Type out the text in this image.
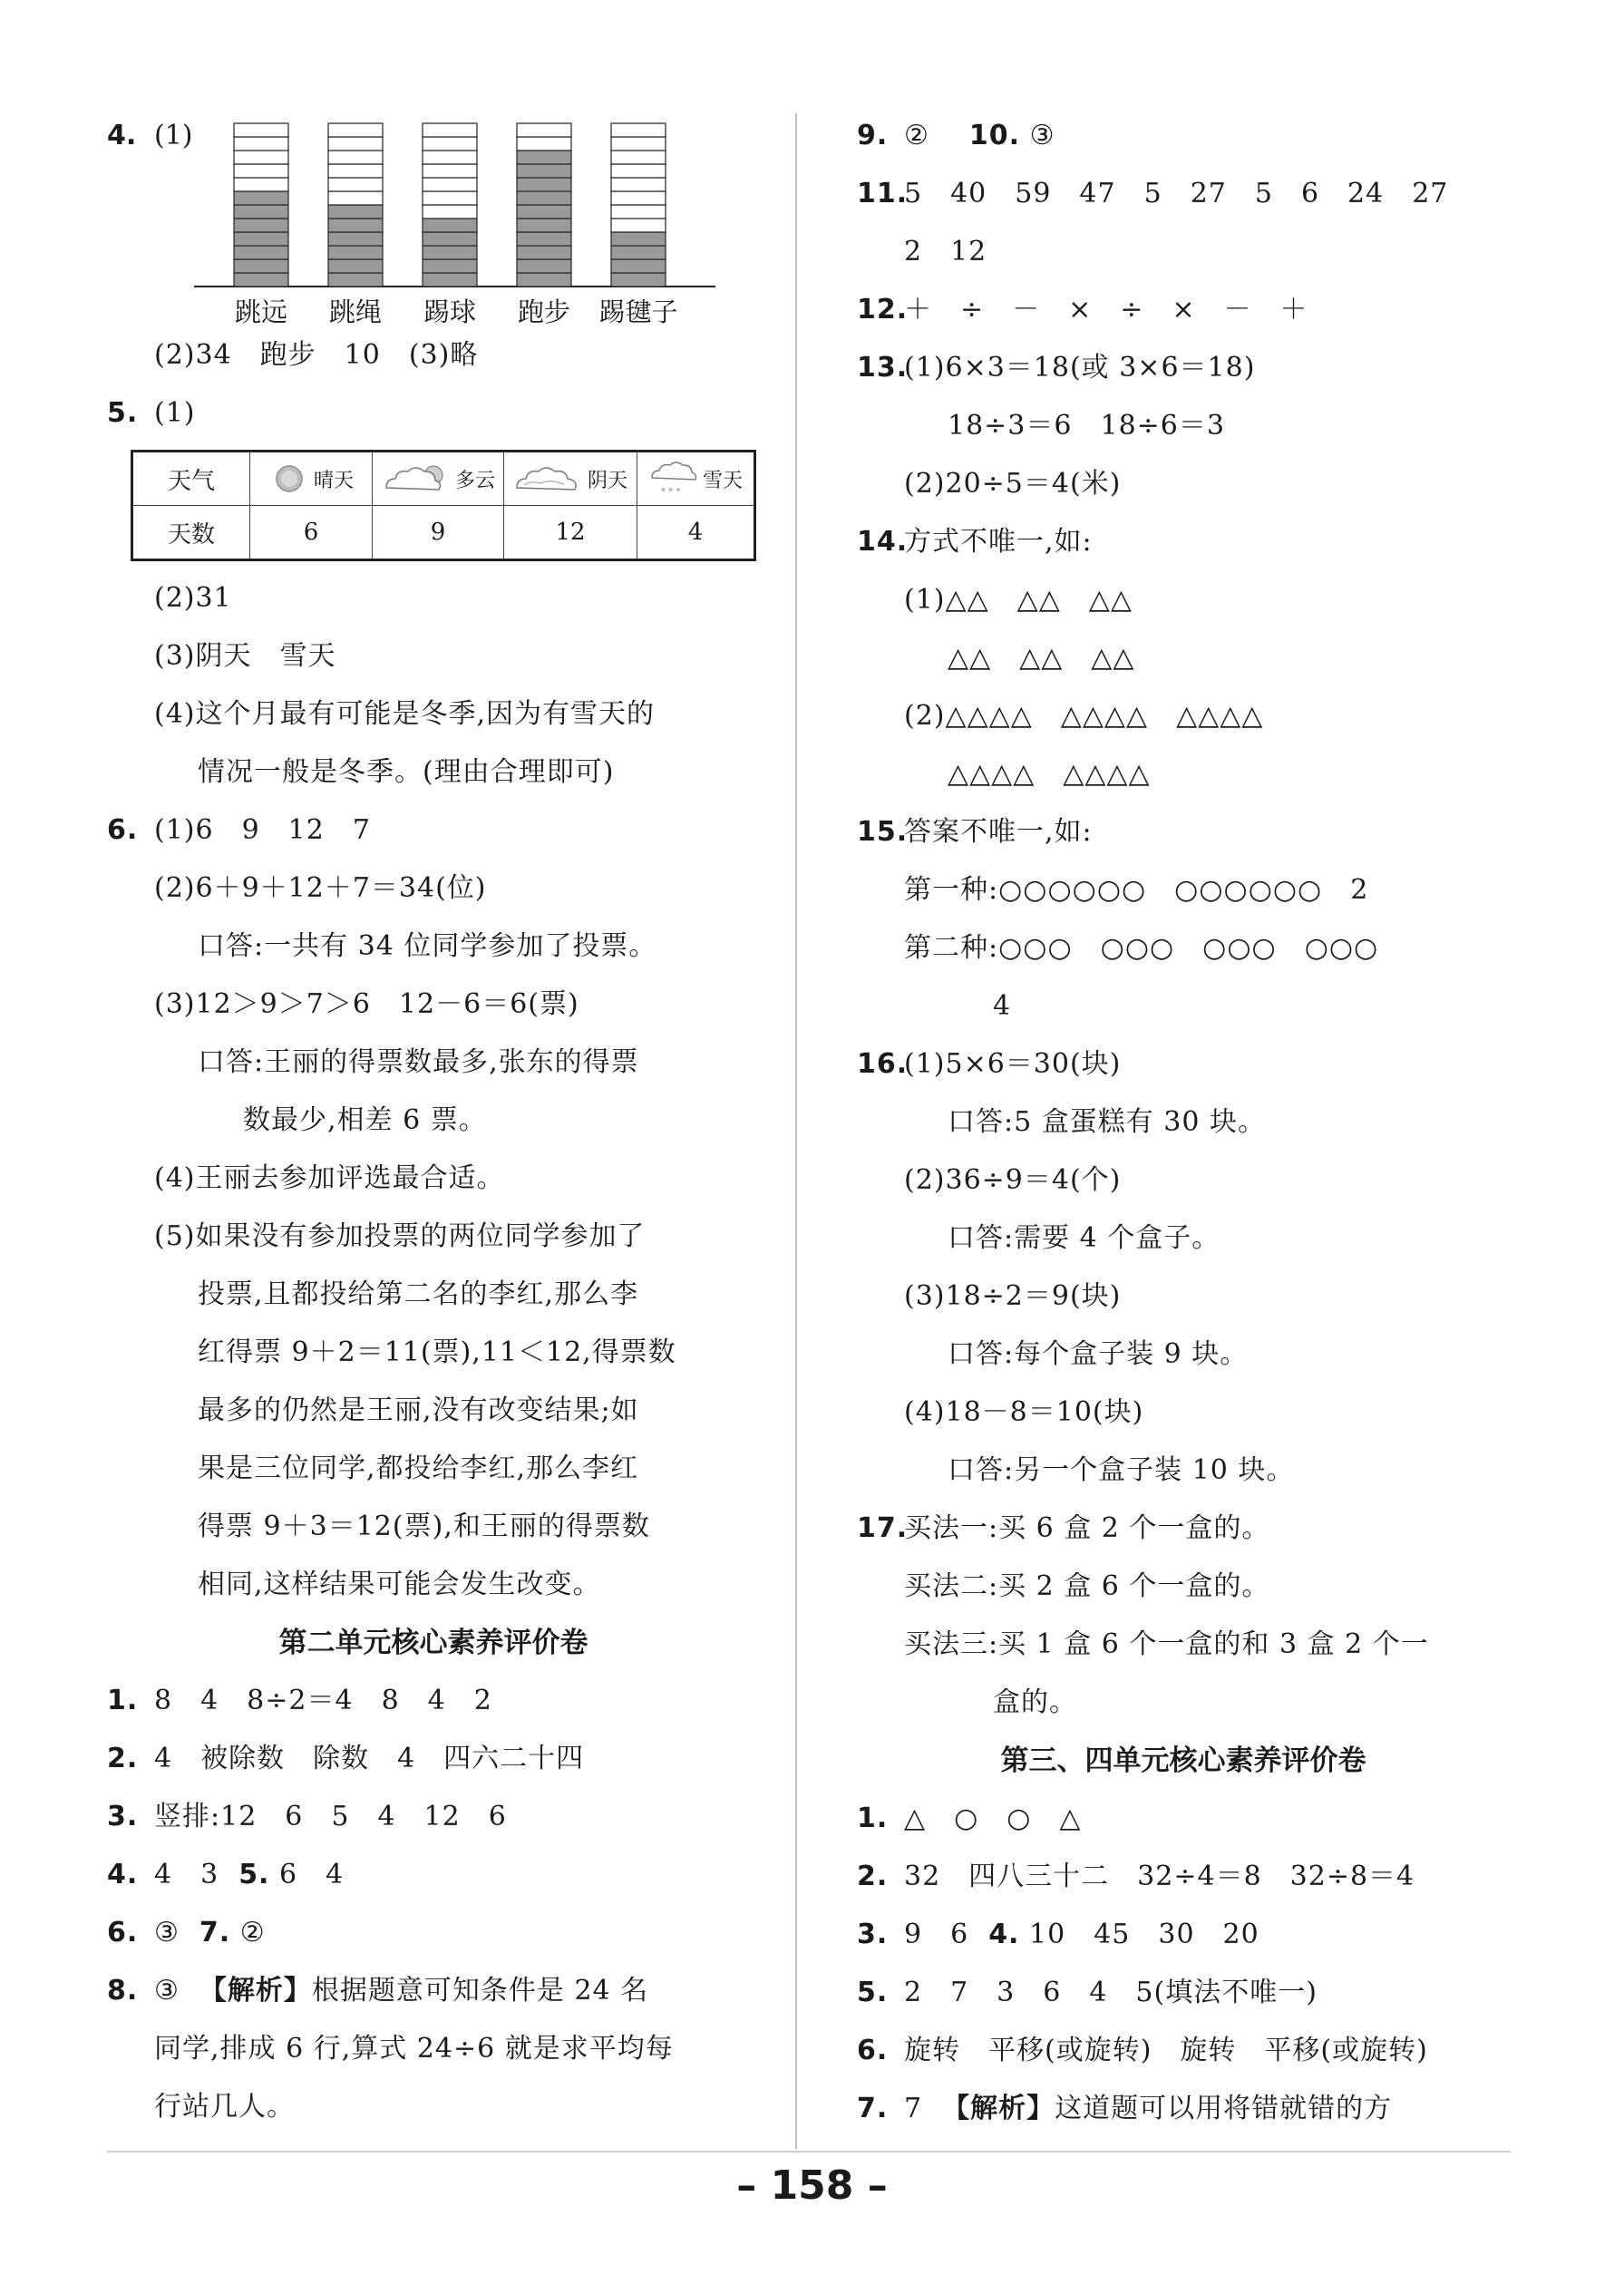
4. (1)
跳远 跳绳 踢球 跑步 踢毽子
(2)34　跑步　10　(3)略
5. (1)
天气	晴天	多云	阴天	* * * 雪天

天数	6	9	12	4
(2)31
(3)阴天　雪天
(4)这个月最有可能是冬季,因为有雪天的
情况一般是冬季。(理由合理即可)
6. (1)6　9　12　7
(2)6＋9＋12＋7＝34(位)
口答:一共有 34 位同学参加了投票。
(3)12＞9＞7＞6　12－6＝6(票)
口答:王丽的得票数最多,张东的得票
数最少,相差 6 票。
(4)王丽去参加评选最合适。
(5)如果没有参加投票的两位同学参加了
投票,且都投给第二名的李红,那么李
红得票 9＋2＝11(票),11＜12,得票数
最多的仍然是王丽,没有改变结果;如
果是三位同学,都投给李红,那么李红
得票 9＋3＝12(票),和王丽的得票数
相同,这样结果可能会发生改变。
第二单元核心素养评价卷
1. 8　4　8÷2＝4　8　4　2
2. 4　被除数　除数　4　四六二十四
3. 竖排:12　6　5　4　12　6
4. 4　3 5. 6　4
6. ③ 7. ②
8. ③ 【解析】根据题意可知条件是 24 名
同学,排成 6 行,算式 24÷6 就是求平均每
行站几人。
9. ② 10. ③
11.5　40　59　47　5　27　5　6　24　27
2　12
12.＋　÷　－　×　÷　×　－　＋
13.(1)6×3＝18(或 3×6＝18)
18÷3＝6　18÷6＝3
(2)20÷5＝4(米)
14.方式不唯一,如:
(1)△△　△△　△△
△△　△△　△△
(2)△△△△　△△△△　△△△△
△△△△　△△△△
15.答案不唯一,如:
第一种:○○○○○○　○○○○○○　2
第二种:○○○　○○○　○○○　○○○
4
16.(1)5×6＝30(块)
口答:5 盒蛋糕有 30 块。
(2)36÷9＝4(个)
口答:需要 4 个盒子。
(3)18÷2＝9(块)
口答:每个盒子装 9 块。
(4)18－8＝10(块)
口答:另一个盒子装 10 块。
17.买法一:买 6 盒 2 个一盒的。
买法二:买 2 盒 6 个一盒的。
买法三:买 1 盒 6 个一盒的和 3 盒 2 个一
盒的。
第三、四单元核心素养评价卷
1. △　○　○　△
2. 32　四八三十二　32÷4＝8　32÷8＝4
3. 9　6 4. 10　45　30　20
5. 2　7　3　6　4　5(填法不唯一)
6. 旋转　平移(或旋转)　旋转　平移(或旋转)
7. 7 【解析】这道题可以用将错就错的方
– 158 –
